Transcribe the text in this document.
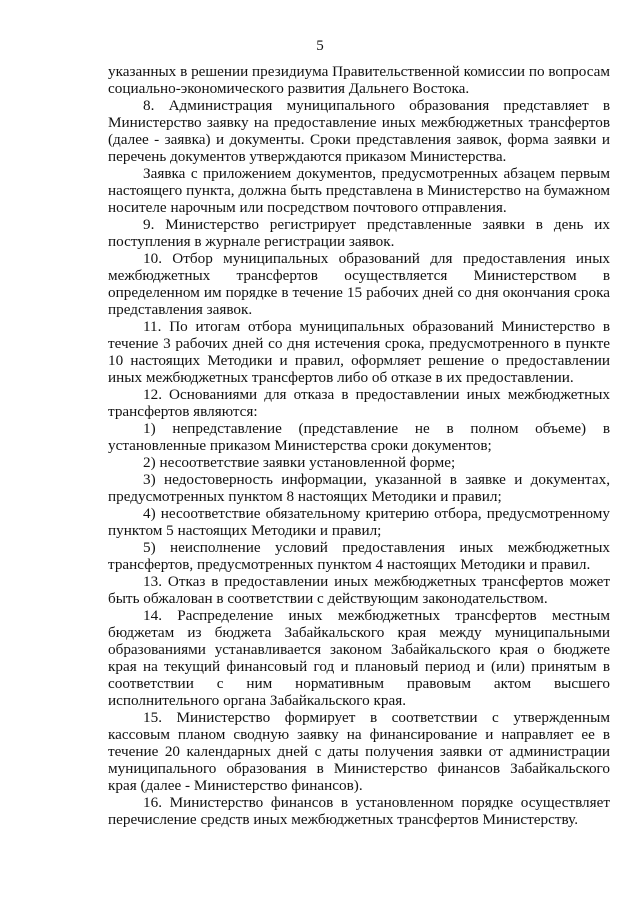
5

указанных в решении президиума Правительственной комиссии по вопросам социально-экономического развития Дальнего Востока.

8. Администрация муниципального образования представляет в Министерство заявку на предоставление иных межбюджетных трансфертов (далее - заявка) и документы. Сроки представления заявок, форма заявки и перечень документов утверждаются приказом Министерства.

Заявка с приложением документов, предусмотренных абзацем первым настоящего пункта, должна быть представлена в Министерство на бумажном носителе нарочным или посредством почтового отправления.

9. Министерство регистрирует представленные заявки в день их поступления в журнале регистрации заявок.

10. Отбор муниципальных образований для предоставления иных межбюджетных трансфертов осуществляется Министерством в определенном им порядке в течение 15 рабочих дней со дня окончания срока представления заявок.

11. По итогам отбора муниципальных образований Министерство в течение 3 рабочих дней со дня истечения срока, предусмотренного в пункте 10 настоящих Методики и правил, оформляет решение о предоставлении иных межбюджетных трансфертов либо об отказе в их предоставлении.

12. Основаниями для отказа в предоставлении иных межбюджетных трансфертов являются:

1) непредставление (представление не в полном объеме) в установленные приказом Министерства сроки документов;

2) несоответствие заявки установленной форме;

3) недостоверность информации, указанной в заявке и документах, предусмотренных пунктом 8 настоящих Методики и правил;

4) несоответствие обязательному критерию отбора, предусмотренному пунктом 5 настоящих Методики и правил;

5) неисполнение условий предоставления иных межбюджетных трансфертов, предусмотренных пунктом 4 настоящих Методики и правил.

13. Отказ в предоставлении иных межбюджетных трансфертов может быть обжалован в соответствии с действующим законодательством.

14. Распределение иных межбюджетных трансфертов местным бюджетам из бюджета Забайкальского края между муниципальными образованиями устанавливается законом Забайкальского края о бюджете края на текущий финансовый год и плановый период и (или) принятым в соответствии с ним нормативным правовым актом высшего исполнительного органа Забайкальского края.

15. Министерство формирует в соответствии с утвержденным кассовым планом сводную заявку на финансирование и направляет ее в течение 20 календарных дней с даты получения заявки от администрации муниципального образования в Министерство финансов Забайкальского края (далее - Министерство финансов).

16. Министерство финансов в установленном порядке осуществляет перечисление средств иных межбюджетных трансфертов Министерству.
